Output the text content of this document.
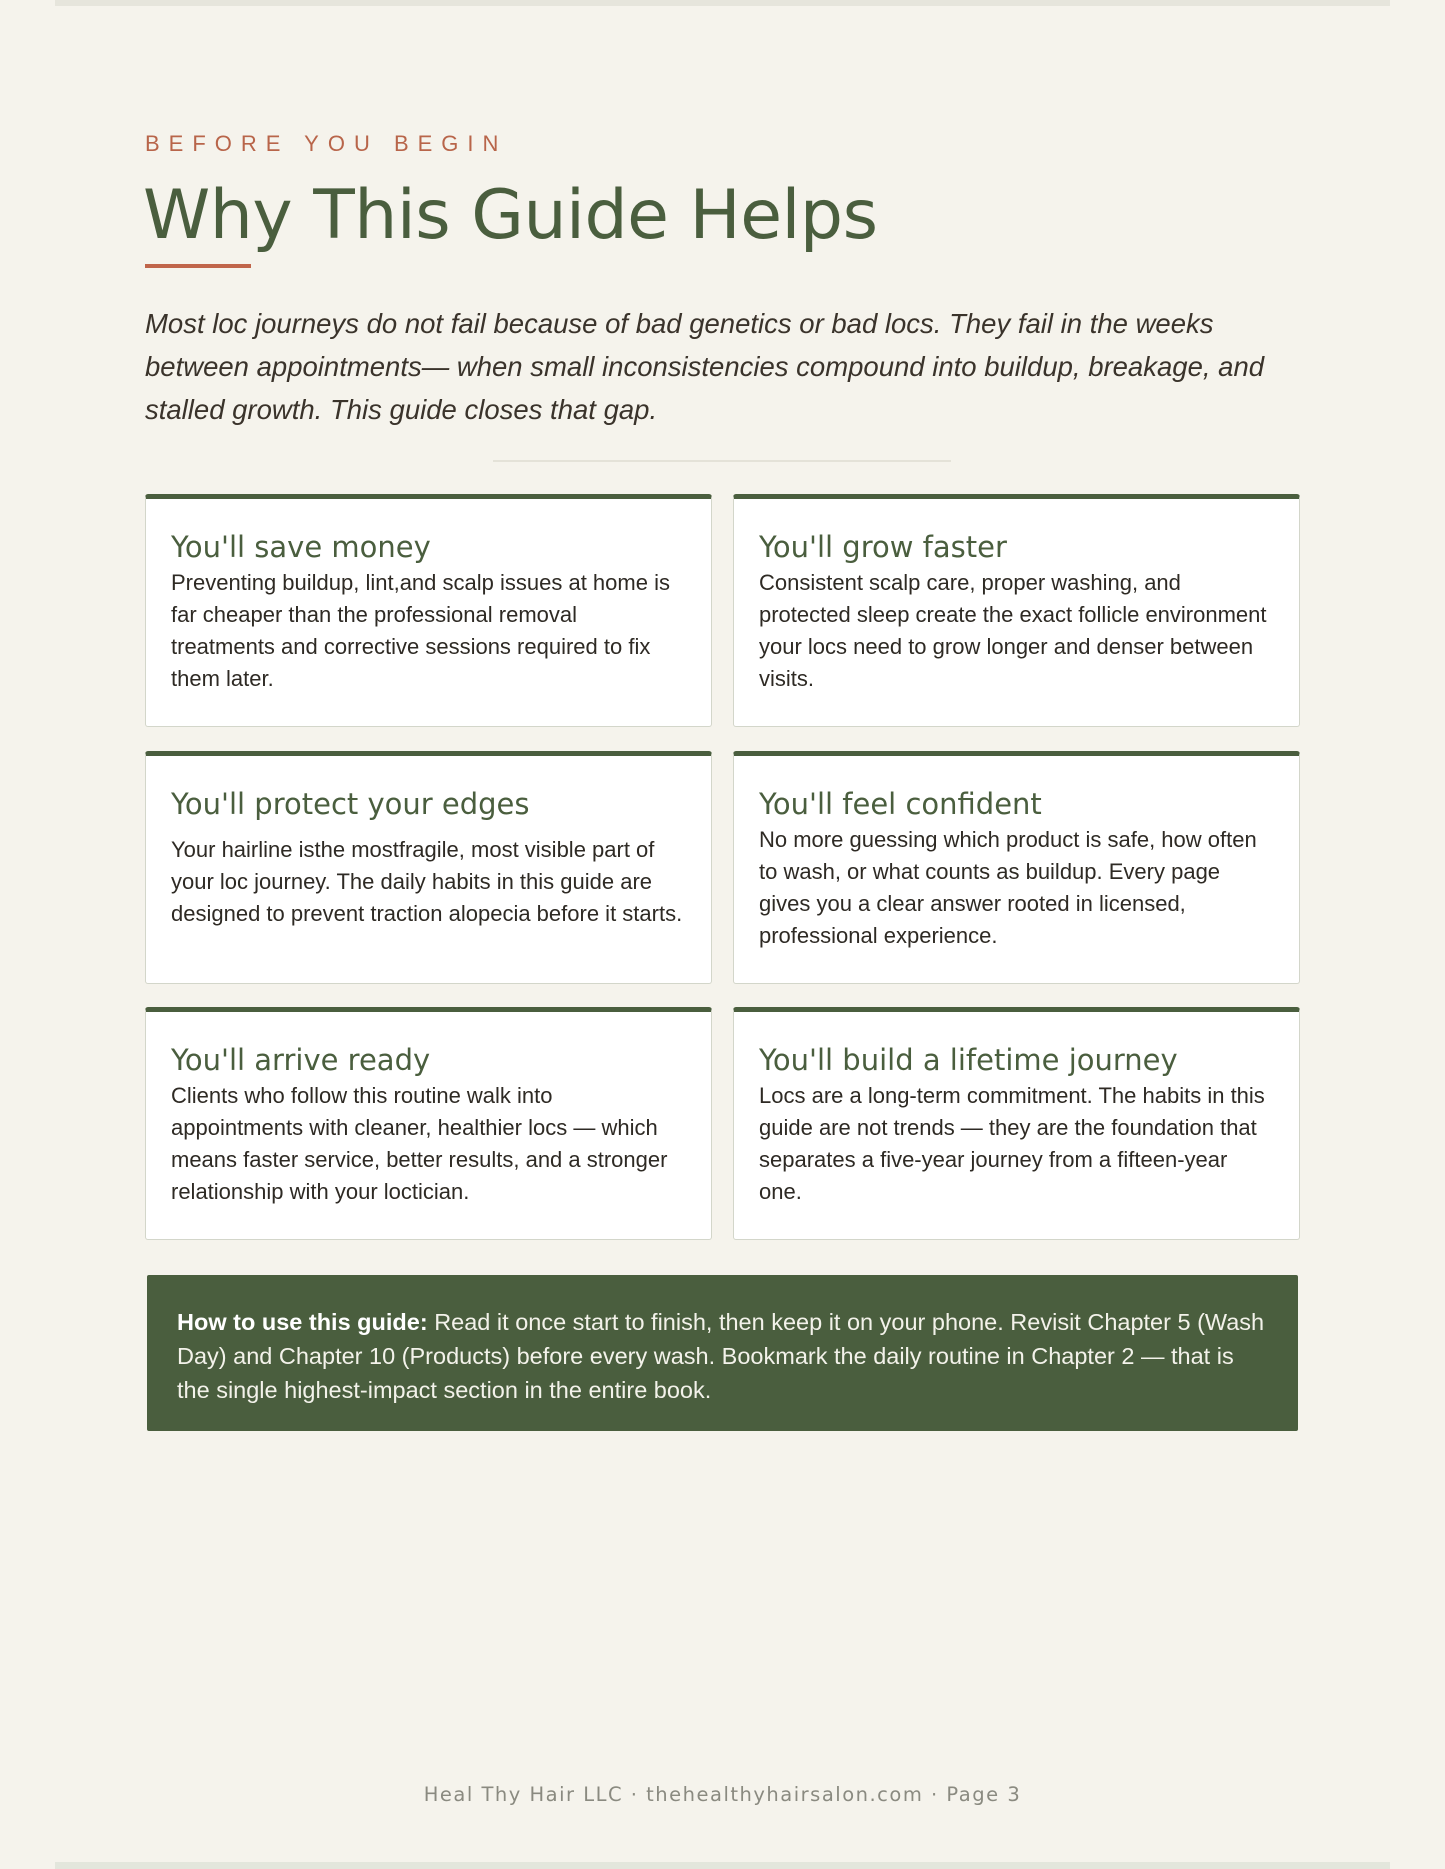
BEFORE YOU BEGIN
Why This Guide Helps

Most loc journeys do not fail because of bad genetics or bad locs. They fail in the weeks between appointments— when small inconsistencies compound into buildup, breakage, and stalled growth. This guide closes that gap.

You'll save money
Preventing buildup, lint,and scalp issues at home is far cheaper than the professional removal treatments and corrective sessions required to fix them later.
You'll grow faster
Consistent scalp care, proper washing, and protected sleep create the exact follicle environment your locs need to grow longer and denser between visits.
You'll protect your edges
Your hairline isthe mostfragile, most visible part of your loc journey. The daily habits in this guide are designed to prevent traction alopecia before it starts.
You'll feel confident
No more guessing which product is safe, how often to wash, or what counts as buildup. Every page gives you a clear answer rooted in licensed, professional experience.
You'll arrive ready
Clients who follow this routine walk into appointments with cleaner, healthier locs — which means faster service, better results, and a stronger relationship with your loctician.
You'll build a lifetime journey
Locs are a long-term commitment. The habits in this guide are not trends — they are the foundation that separates a five-year journey from a fifteen-year one.
How to use this guide: Read it once start to finish, then keep it on your phone. Revisit Chapter 5 (Wash Day) and Chapter 10 (Products) before every wash. Bookmark the daily routine in Chapter 2 — that is the single highest-impact section in the entire book.
Heal Thy Hair LLC · thehealthyhairsalon.com · Page 3
